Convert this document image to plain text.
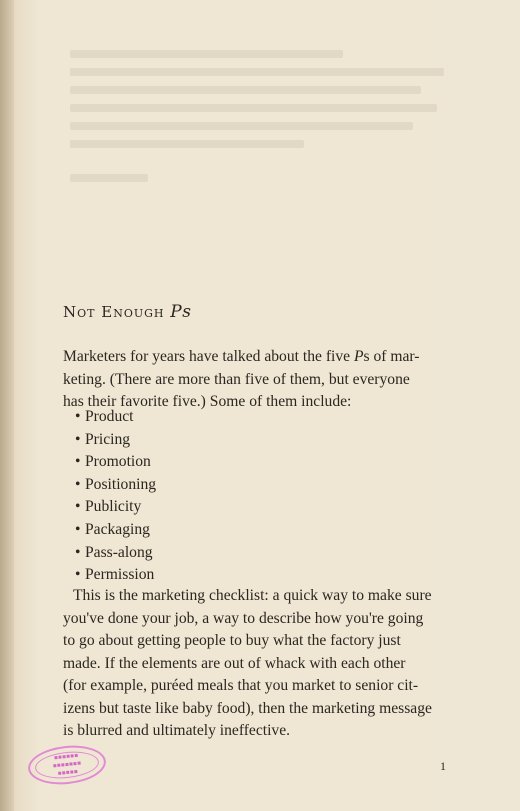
Not Enough Ps
Marketers for years have talked about the five Ps of mar-
keting. (There are more than five of them, but everyone
has their favorite five.) Some of them include:
• Product
• Pricing
• Promotion
• Positioning
• Publicity
• Packaging
• Pass-along
• Permission
This is the marketing checklist: a quick way to make sure
you've done your job, a way to describe how you're going
to go about getting people to buy what the factory just
made. If the elements are out of whack with each other
(for example, puréed meals that you market to senior cit-
izens but taste like baby food), then the marketing message
is blurred and ultimately ineffective.
▪▪▪▪▪▪
▪▪▪▪▪▪▪
▪▪▪▪▪	1
